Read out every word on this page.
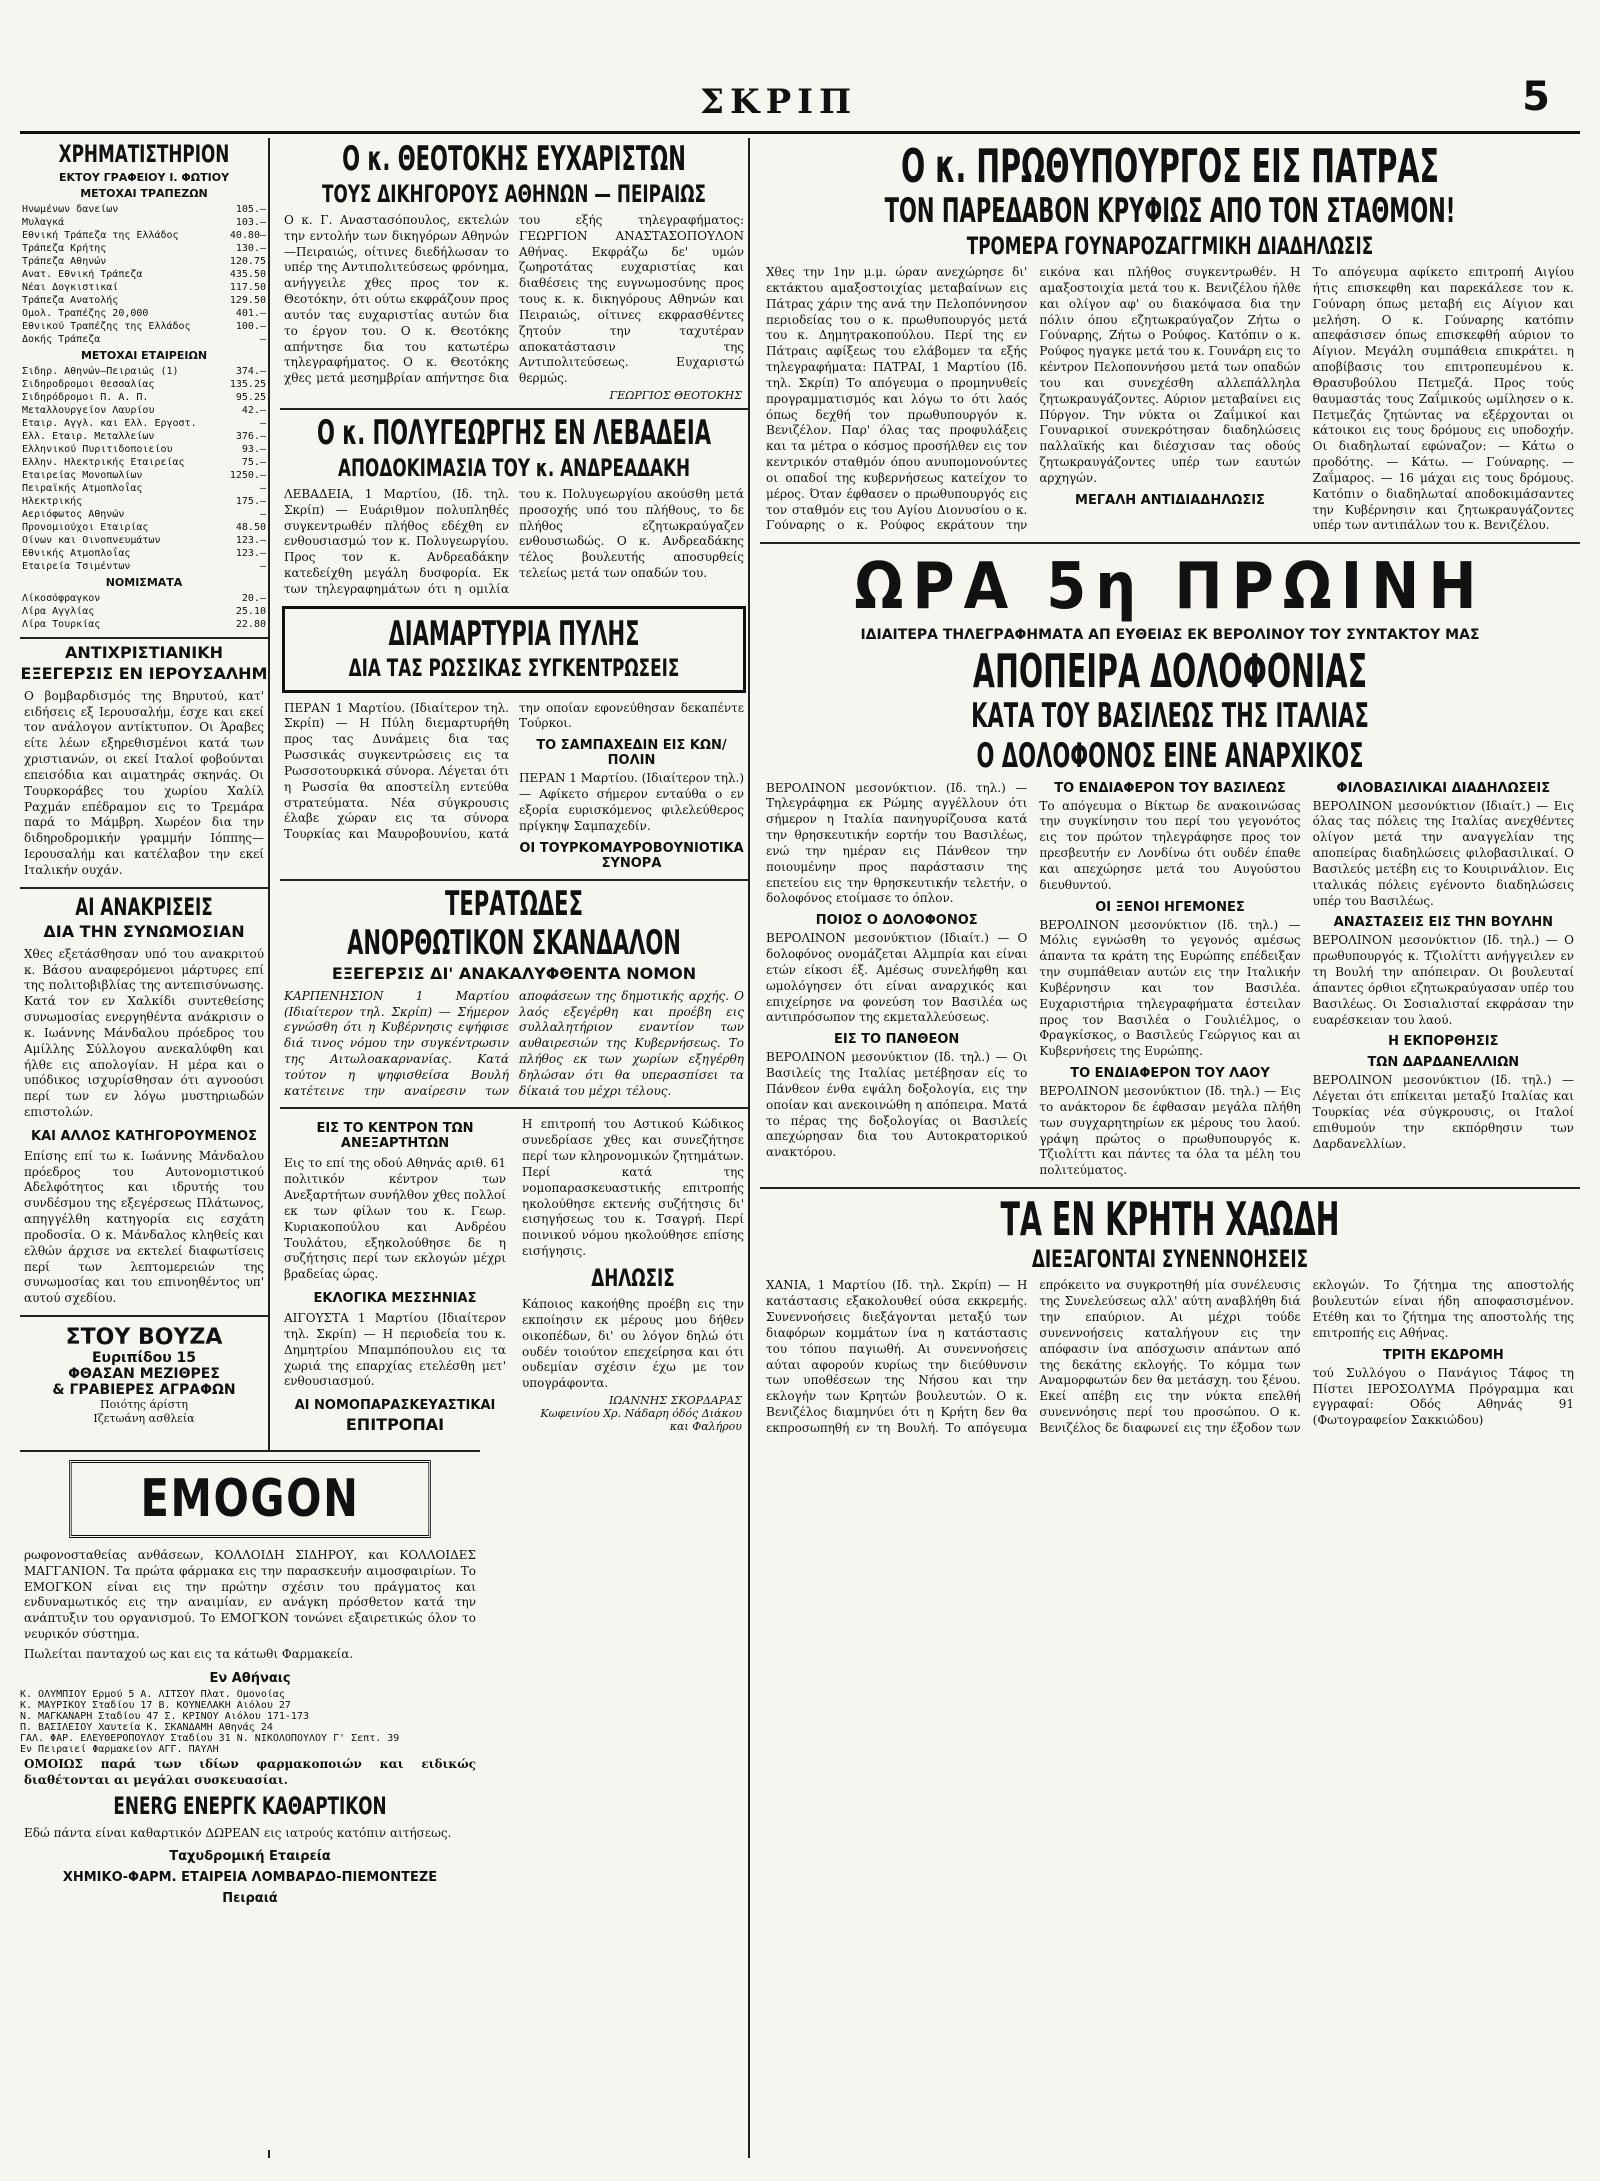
ΣΚΡΙΠ	5
ΧΡΗΜΑΤΙΣΤΗΡΙΟΝ
ΕΚΤΟΥ ΓΡΑΦΕΙΟΥ Ι. ΦΩΤΙΟΥ
ΜΕΤΟΧΑΙ ΤΡΑΠΕΖΩΝ
Ηνωμένων δανείων	105.—
Μυλαγκά	103.—
Εθνική Τράπεζα της Ελλάδος	40.80—
Τράπεζα Κρήτης	130.—
Τράπεζα Αθηνών	120.75
Ανατ. Εθνική Τράπεζα	435.50
Νέαι Δογκιστικαί	117.50
Τράπεζα Ανατολής	129.50
Ομολ. Τραπέζης 20,000	401.—
Εθνικού Τραπέζης της Ελλάδος	100.—
Δοκής Τράπεζα	—
ΜΕΤΟΧΑΙ ΕΤΑΙΡΕΙΩΝ
Σιδηρ. Αθηνών—Πειραιώς (1)	374.—
Σιδηροδρομοι Θεσσαλίας	135.25
Σιδηρόδρομοι Π. Α. Π.	95.25
Μεταλλουργείον Λαυρίου	42.—
Εταιρ. Αγγλ. και Ελλ. Εργοστ.	—
Ελλ. Εταιρ. Μεταλλείων	376.—
Ελληνικού Πυριτιδοποιείου	93.—
Ελλην. Ηλεκτρικής Εταιρείας	75.—
Εταιρείας Μονοπωλίων	1250.—
Πειραϊκής Ατμοπλοΐας	—
Ηλεκτρικής	175.—
Αεριόφωτος Αθηνών	—
Προνομιούχοι Εταιρίας	48.50
Οίνων και Οινοπνευμάτων	123.—
Εθνικής Ατμοπλοΐας	123.—
Εταιρεία Τσιμέντων	—
ΝΟΜΙΣΜΑΤΑ
Λίκοσόφραγκον	20.—
Λίρα Αγγλίας	25.10
Λίρα Τουρκίας	22.80
ΑΝΤΙΧΡΙΣΤΙΑΝΙΚΗ
ΕΞΕΓΕΡΣΙΣ ΕΝ ΙΕΡΟΥΣΑΛΗΜ
Ο βομβαρδισμός της Βηρυτού, κατ' ειδήσεις εξ Ιερουσαλήμ, έσχε και εκεί τον ανάλογον αντίκτυπον. Οι Άραβες είτε λέων εξηρεθισμένοι κατά των χριστιανών, οι εκεί Ιταλοί φοβούνται επεισόδια και αιματηράς σκηνάς. Οι Τουρκοράβες του χωρίου Χαλίλ Ραχμάν επέδραμον εις το Τρεμάρα παρά το Μάμβρη. Χωρέον δια την διδηροδρομικήν γραμμήν Ιόππης—Ιερουσαλήμ και κατέλαβον την εκεί Ιταλικήν ουχάν.
ΑΙ ΑΝΑΚΡΙΣΕΙΣ
ΔΙΑ ΤΗΝ ΣΥΝΩΜΟΣΙΑΝ
Χθες εξετάσθησαν υπό του ανακριτού κ. Βάσου αναφερόμενοι μάρτυρες επί της πολιτοβιβλίας της αντεπισύνωσης. Κατά τον εν Χαλκίδι συντεθείσης συνωμοσίας ενεργηθέντα ανάκρισιν ο κ. Ιωάννης Μάνδαλου πρόεδρος του Αμίλλης Σύλλογου ανεκαλύφθη και ήλθε εις απολογίαν. Η μέρα και ο υπόδικος ισχυρίσθησαν ότι αγνοούσι περί των εν λόγω μυστηριωδών επιστολών.
ΚΑΙ ΑΛΛΟΣ ΚΑΤΗΓΟΡΟΥΜΕΝΟΣ
Επίσης επί τω κ. Ιωάννης Μάνδαλου πρόεδρος του Αυτονομιστικού Αδελφότητος και ιδρυτής του συνδέσμου της εξεγέρσεως Πλάτωνος, απηγγέλθη κατηγορία εις εσχάτη προδοσία. Ο κ. Μάνδαλος κληθείς και ελθών άρχισε να εκτελεί διαφωτίσεις περί των λεπτομερειών της συνωμοσίας και του επινοηθέντος υπ' αυτού σχεδίου.
ΣΤΟΥ ΒΟΥΖΑ
Ευριπίδου 15
ΦΘΑΣΑΝ ΜΕΖΙΘΡΕΣ
& ΓΡΑΒΙΕΡΕΣ ΑΓΡΑΦΩΝ
Ποιότης άρίστη
Ιζετωάνη ασθλεία
Ο κ. ΘΕΟΤΟΚΗΣ ΕΥΧΑΡΙΣΤΩΝ
ΤΟΥΣ ΔΙΚΗΓΟΡΟΥΣ ΑΘΗΝΩΝ — ΠΕΙΡΑΙΩΣ
Ο κ. Γ. Αναστασόπουλος, εκτελών την εντολήν των δικηγόρων Αθηνών—Πειραιώς, οίτινες διεδήλωσαν το υπέρ της Αντιπολιτεύσεως φρόνημα, ανήγγειλε χθες προς τον κ. Θεοτόκην, ότι ούτω εκφράζουν προς αυτόν τας ευχαριστίας αυτών δια το έργον του. Ο κ. Θεοτόκης απήντησε δια του κατωτέρω τηλεγραφήματος. Ο κ. Θεοτόκης χθες μετά μεσημβρίαν απήντησε δια του εξής τηλεγραφήματος: ΓΕΩΡΓΙΟΝ ΑΝΑΣΤΑΣΟΠΟΥΛΟΝ Αθήνας. Εκφράζω δε' υμών ζωηροτάτας ευχαριστίας και διαθέσεις της ευγνωμοσύνης προς τους κ. κ. δικηγόρους Αθηνών και Πειραιώς, οίτινες εκφρασθέντες ζητούν την ταχυτέραν αποκατάστασιν της Αντιπολιτεύσεως. Ευχαριστώ θερμώς.
ΓΕΩΡΓΙΟΣ ΘΕΟΤΟΚΗΣ
Ο κ. ΠΟΛΥΓΕΩΡΓΗΣ ΕΝ ΛΕΒΑΔΕΙΑ
ΑΠΟΔΟΚΙΜΑΣΙΑ ΤΟΥ κ. ΑΝΔΡΕΑΔΑΚΗ
ΛΕΒΑΔΕΙΑ, 1 Μαρτίου, (Ιδ. τηλ. Σκρίπ) — Ευάριθμον πολυπληθές συγκεντρωθέν πλήθος εδέχθη εν ενθουσιασμώ τον κ. Πολυγεωργίου. Προς τον κ. Ανδρεαδάκην κατεδείχθη μεγάλη δυσφορία. Εκ των τηλεγραφημάτων ότι η ομιλία του κ. Πολυγεωργίου ακούσθη μετά προσοχής υπό του πλήθους, το δε πλήθος εζητωκραύγαζεν ενθουσιωδώς. Ο κ. Ανδρεαδάκης τέλος βουλευτής αποσυρθείς τελείως μετά των οπαδών του.
ΔΙΑΜΑΡΤΥΡΙΑ ΠΥΛΗΣ
ΔΙΑ ΤΑΣ ΡΩΣΣΙΚΑΣ ΣΥΓΚΕΝΤΡΩΣΕΙΣ
ΠΕΡΑΝ 1 Μαρτίου. (Ιδιαίτερον τηλ. Σκρίπ) — Η Πύλη διεμαρτυρήθη προς τας Δυνάμεις δια τας Ρωσσικάς συγκεντρώσεις εις τα Ρωσσοτουρκικά σύνορα. Λέγεται ότι η Ρωσσία θα αποστείλη εντεύθα στρατεύματα. Νέα σύγκρουσις έλαβε χώραν εις τα σύνορα Τουρκίας και Μαυροβουνίου, κατά την οποίαν εφονεύθησαν δεκαπέντε Τούρκοι.
ΤΟ ΣΑΜΠΑΧΕΔΙΝ ΕΙΣ ΚΩΝ/ΠΟΛΙΝ
ΠΕΡΑΝ 1 Μαρτίου. (Ιδιαίτερον τηλ.) — Αφίκετο σήμερον ενταύθα ο εν εξορία ευρισκόμενος φιλελεύθερος πρίγκηψ Σαμπαχεδίν.
ΟΙ ΤΟΥΡΚΟΜΑΥΡΟΒΟΥΝΙΟΤΙΚΑ ΣΥΝΟΡΑ
ΤΕΡΑΤΩΔΕΣ
ΑΝΟΡΘΩΤΙΚΟΝ ΣΚΑΝΔΑΛΟΝ
ΕΞΕΓΕΡΣΙΣ ΔΙ' ΑΝΑΚΑΛΥΦΘΕΝΤΑ ΝΟΜΟΝ
ΚΑΡΠΕΝΗΣΙΟΝ 1 Μαρτίου (Ιδιαίτερον τηλ. Σκρίπ) — Σήμερον εγνώσθη ότι η Κυβέρνησις εψήφισε διά τινος νόμου την συγκέντρωσιν της Αιτωλοακαρνανίας. Κατά τούτον η ψηφισθείσα Βουλή κατέτεινε την αναίρεσιν των αποφάσεων της δημοτικής αρχής. Ο λαός εξεγέρθη και προέβη εις συλλαλητήριον εναντίον των αυθαιρεσιών της Κυβερνήσεως. Το πλήθος εκ των χωρίων εξηγέρθη δηλώσαν ότι θα υπερασπίσει τα δίκαιά του μέχρι τέλους.
ΕΙΣ ΤΟ ΚΕΝΤΡΟΝ ΤΩΝ ΑΝΕΞΑΡΤΗΤΩΝ
Εις το επί της οδού Αθηνάς αριθ. 61 πολιτικόν κέντρον των Ανεξαρτήτων συνήλθον χθες πολλοί εκ των φίλων του κ. Γεωρ. Κυριακοπούλου και Ανδρέου Τουλάτου, εξηκολούθησε δε η συζήτησις περί των εκλογών μέχρι βραδείας ώρας.
ΕΚΛΟΓΙΚΑ ΜΕΣΣΗΝΙΑΣ
ΑΙΓΟΥΣΤΑ 1 Μαρτίου (Ιδιαίτερον τηλ. Σκρίπ) — Η περιοδεία του κ. Δημητρίου Μπαμπόπουλου εις τα χωριά της επαρχίας ετελέσθη μετ' ενθουσιασμού.
ΑΙ ΝΟΜΟΠΑΡΑΣΚΕΥΑΣΤΙΚΑΙ
ΕΠΙΤΡΟΠΑΙ
Η επιτροπή του Αστικού Κώδικος συνεδρίασε χθες και συνεζήτησε περί των κληρονομικών ζητημάτων. Περί κατά της νομοπαρασκευαστικής επιτροπής ηκολούθησε εκτενής συζήτησις δι' εισηγήσεως του κ. Τσαγρή. Περί ποινικού νόμου ηκολούθησε επίσης εισήγησις.
ΔΗΛΩΣΙΣ
Κάποιος κακοήθης προέβη εις την εκποίησιν εκ μέρους μου δήθεν οικοπέδων, δι' ου λόγον δηλώ ότι ουδέν τοιούτον επεχείρησα και ότι ουδεμίαν σχέσιν έχω με τον υπογράφοντα.
ΙΩΑΝΝΗΣ ΣΚΟΡΔΑΡΑΣ
Κωφεινίου Χρ. Νάδαρη όδός Διάκου και Φαλήρου
Ο κ. ΠΡΩΘΥΠΟΥΡΓΟΣ ΕΙΣ ΠΑΤΡΑΣ
ΤΟΝ ΠΑΡΕΔΑΒΟΝ ΚΡΥΦΙΩΣ ΑΠΟ ΤΟΝ ΣΤΑΘΜΟΝ!
ΤΡΟΜΕΡΑ ΓΟΥΝΑΡΟΖΑΓΓΜΙΚΗ ΔΙΑΔΗΛΩΣΙΣ
Χθες την 1ην μ.μ. ώραν ανεχώρησε δι' εκτάκτου αμαξοστοιχίας μεταβαίνων εις Πάτρας χάριν της ανά την Πελοπόννησον περιοδείας του ο κ. πρωθυπουργός μετά του κ. Δημητρακοπούλου. Περί της εν Πάτραις αφίξεως του ελάβομεν τα εξής τηλεγραφήματα: ΠΑΤΡΑΙ, 1 Μαρτίου (Ιδ. τηλ. Σκρίπ) Το απόγευμα ο προμηνυθείς προγραμματισμός και λόγω το ότι λαός όπως δεχθή τον πρωθυπουργόν κ. Βενιζέλον. Παρ' όλας τας προφυλάξεις και τα μέτρα ο κόσμος προσήλθεν εις τον κεντρικόν σταθμόν όπου ανυπομονούντες οι οπαδοί της κυβερνήσεως κατείχον το μέρος. Όταν έφθασεν ο πρωθυπουργός εις τον σταθμόν εις του Αγίου Διονυσίου ο κ. Γούναρης ο κ. Ρούφος εκράτουν την εικόνα και πλήθος συγκεντρωθέν. Η αμαξοστοιχία μετά του κ. Βενιζέλου ήλθε και ολίγον αφ' ου διακόψασα δια την πόλιν όπου εζητωκραύγαζον Ζήτω ο Γούναρης, Ζήτω ο Ρούφος. Κατόπιν ο κ. Ρούφος ηγαγκε μετά του κ. Γουνάρη εις το κέντρον Πελοποννήσου μετά των οπαδών του και συνεχέσθη αλλεπάλληλα ζητωκραυγάζοντες. Αύριον μεταβαίνει εις Πύργον. Την νύκτα οι Ζαΐμικοί και Γουναρικοί συνεκρότησαν διαδηλώσεις παλλαϊκής και διέσχισαν τας οδούς ζητωκραυγάζοντες υπέρ των εαυτών αρχηγών.
ΜΕΓΑΛΗ ΑΝΤΙΔΙΑΔΗΛΩΣΙΣ
Το απόγευμα αφίκετο επιτροπή Αιγίου ήτις επισκεφθη και παρεκάλεσε τον κ. Γούναρη όπως μεταβή εις Αίγιον και μελήση. Ο κ. Γούναρης κατόπιν απεφάσισεν όπως επισκεφθή αύριον το Αίγιον. Μεγάλη συμπάθεια επικράτει. η αποβίβασις του επιτροπευμένου κ. Θρασυβούλου Πετμεζά. Προς τούς θαυμαστάς τους Ζαΐμικούς ωμίλησεν ο κ. Πετμεζάς ζητώντας να εξέρχονται οι κάτοικοι εις τους δρόμους εις υποδοχήν. Οι διαδηλωταί εφώναζον: — Κάτω ο προδότης. — Κάτω. — Γούναρης. — Ζαΐμαρος. — 16 μάχαι εις τους δρόμους. Κατόπιν ο διαδηλωταί αποδοκιμάσαντες την Κυβέρνησιν και ζητωκραυγάζοντες υπέρ των αντιπάλων του κ. Βενιζέλου.
ΩΡΑ 5η ΠΡΩΙΝΗ
ΙΔΙΑΙΤΕΡΑ ΤΗΛΕΓΡΑΦΗΜΑΤΑ ΑΠ ΕΥΘΕΙΑΣ ΕΚ ΒΕΡΟΛΙΝΟΥ ΤΟΥ ΣΥΝΤΑΚΤΟΥ ΜΑΣ
ΑΠΟΠΕΙΡΑ ΔΟΛΟΦΟΝΙΑΣ
ΚΑΤΑ ΤΟΥ ΒΑΣΙΛΕΩΣ ΤΗΣ ΙΤΑΛΙΑΣ
Ο ΔΟΛΟΦΟΝΟΣ ΕΙΝΕ ΑΝΑΡΧΙΚΟΣ
ΒΕΡΟΛΙΝΟΝ μεσονύκτιον. (Ιδ. τηλ.) — Τηλεγράφημα εκ Ρώμης αγγέλλουν ότι σήμερον η Ιταλία πανηγυρίζουσα κατά την θρησκευτικήν εορτήν του Βασιλέως, ενώ την ημέραν εις Πάνθεον την ποιουμένην προς παράστασιν της επετείου εις την θρησκευτικήν τελετήν, ο δολοφόνος ετοίμασε το όπλον.
ΠΟΙΟΣ Ο ΔΟΛΟΦΟΝΟΣ
ΒΕΡΟΛΙΝΟΝ μεσονύκτιον (Ιδιαίτ.) — Ο δολοφόνος ονομάζεται Αλμπρία και είναι ετών είκοσι έξ. Αμέσως συνελήφθη και ωμολόγησεν ότι είναι αναρχικός και επιχείρησε να φονεύση τον Βασιλέα ως αντιπρόσωπον της εκμεταλλεύσεως.
ΕΙΣ ΤΟ ΠΑΝΘΕΟΝ
ΒΕΡΟΛΙΝΟΝ μεσονύκτιον (Ιδ. τηλ.) — Οι Βασιλείς της Ιταλίας μετέβησαν είς το Πάνθεον ένθα εψάλη δοξολογία, εις την οποίαν και ανεκοινώθη η απόπειρα. Ματά το πέρας της δοξολογίας οι Βασιλείς απεχώρησαν δια του Αυτοκρατορικού ανακτόρου.
ΤΟ ΕΝΔΙΑΦΕΡΟΝ ΤΟΥ ΒΑΣΙΛΕΩΣ
Το απόγευμα ο Βίκτωρ δε ανακοινώσας την συγκίνησιν του περί του γεγονότος εις τον πρώτον τηλεγράφησε προς τον πρεσβευτήν εν Λονδίνω ότι ουδέν έπαθε και απεχώρησε μετά του Αυγούστου διευθυντού.
ΟΙ ΞΕΝΟΙ ΗΓΕΜΟΝΕΣ
ΒΕΡΟΛΙΝΟΝ μεσονύκτιον (Ιδ. τηλ.) — Μόλις εγνώσθη το γεγονός αμέσως άπαντα τα κράτη της Ευρώπης επέδειξαν την συμπάθειαν αυτών εις την Ιταλικήν Κυβέρνησιν και τον Βασιλέα. Ευχαριστήρια τηλεγραφήματα έστειλαν προς τον Βασιλέα ο Γουλιέλμος, ο Φραγκίσκος, ο Βασιλεύς Γεώργιος και αι Κυβερνήσεις της Ευρώπης.
ΤΟ ΕΝΔΙΑΦΕΡΟΝ ΤΟΥ ΛΑΟΥ
ΒΕΡΟΛΙΝΟΝ μεσονύκτιον (Ιδ. τηλ.) — Εις το ανάκτορον δε έφθασαν μεγάλα πλήθη των συγχαρητηρίων εκ μέρους του λαού. γράψη πρώτος ο πρωθυπουργός κ. Τζιολίττι και πάντες τα όλα τα μέλη του πολιτεύματος.
ΦΙΛΟΒΑΣΙΛΙΚΑΙ ΔΙΑΔΗΛΩΣΕΙΣ
ΒΕΡΟΛΙΝΟΝ μεσονύκτιον (Ιδιαίτ.) — Εις όλας τας πόλεις της Ιταλίας ανεχθέντες ολίγον μετά την αναγγελίαν της αποπείρας διαδηλώσεις φιλοβασιλικαί. Ο Βασιλεύς μετέβη εις το Κουιρινάλιον. Εις ιταλικάς πόλεις εγένοντο διαδηλώσεις υπέρ του Βασιλέως.
ΑΝΑΣΤΑΣΕΙΣ ΕΙΣ ΤΗΝ ΒΟΥΛΗΝ
ΒΕΡΟΛΙΝΟΝ μεσονύκτιον (Ιδ. τηλ.) — Ο πρωθυπουργός κ. Τζιολίττι ανήγγειλεν εν τη Βουλή την απόπειραν. Οι βουλευταί άπαντες όρθιοι εζητωκραύγασαν υπέρ του Βασιλέως. Οι Σοσιαλισταί εκφράσαν την ευαρέσκειαν του λαού.
Η ΕΚΠΟΡΘΗΣΙΣ
ΤΩΝ ΔΑΡΔΑΝΕΛΛΙΩΝ
ΒΕΡΟΛΙΝΟΝ μεσονύκτιον (Ιδ. τηλ.) — Λέγεται ότι επίκειται μεταξύ Ιταλίας και Τουρκίας νέα σύγκρουσις, οι Ιταλοί επιθυμούν την εκπόρθησιν των Δαρδανελλίων.
ΤΑ ΕΝ ΚΡΗΤΗ ΧΑΩΔΗ
ΔΙΕΞΑΓΟΝΤΑΙ ΣΥΝΕΝΝΟΗΣΕΙΣ
ΧΑΝΙΑ, 1 Μαρτίου (Ιδ. τηλ. Σκρίπ) — Η κατάστασις εξακολουθεί ούσα εκκρεμής. Συνεννοήσεις διεξάγονται μεταξύ των διαφόρων κομμάτων ίνα η κατάστασις του τόπου παγιωθή. Αι συνεννοήσεις αύται αφορούν κυρίως την διεύθυνσιν των υποθέσεων της Νήσου και την εκλογήν των Κρητών βουλευτών. Ο κ. Βενιζέλος διαμηνύει ότι η Κρήτη δεν θα εκπροσωπηθή εν τη Βουλή. Το απόγευμα επρόκειτο να συγκροτηθή μία συνέλευσις της Συνελεύσεως αλλ' αύτη αναβλήθη διά την επαύριον. Αι μέχρι τούδε συνεννοήσεις καταλήγουν εις την απόφασιν ίνα απόσχωσιν απάντων από της δεκάτης εκλογής. Το κόμμα των Αναμορφωτών δεν θα μετάσχη. του ξένου. Εκεί απέβη εις την νύκτα επελθή συνεννόησις περί του προσώπου. Ο κ. Βενιζέλος δε διαφωνεί εις την έξοδον των εκλογών. Το ζήτημα της αποστολής βουλευτών είναι ήδη αποφασισμένον. Ετέθη και το ζήτημα της αποστολής της επιτροπής εις Αθήνας.
ΤΡΙΤΗ ΕΚΔΡΟΜΗ
τού Συλλόγου ο Πανάγιος Τάφος τη Πίστει ΙΕΡΟΣΟΛΥΜΑ Πρόγραμμα και εγγραφαί: Οδός Αθηνάς 91 (Φωτογραφείον Σακκιώδου)
EMOGON
ρωφονοσταθείας ανθάσεων, ΚΟΛΛΟΙΔΗ ΣΙΔΗΡΟΥ, και ΚΟΛΛΟΙΔΕΣ ΜΑΓΓΑΝΙΟΝ. Τα πρώτα φάρμακα εις την παρασκευήν αιμοσφαιρίων. Το ΕΜΟΓΚΟΝ είναι εις την πρώτην σχέσιν του πράγματος και ενδυναμωτικός εις την αναιμίαν, εν ανάγκη πρόσθετον κατά την ανάπτυξιν του οργανισμού. Το ΕΜΟΓΚΟΝ τονώνει εξαιρετικώς όλον το νευρικόν σύστημα.
Πωλείται πανταχού ως και εις τα κάτωθι Φαρμακεία.
Εν Αθήναις
Κ. ΟΛΥΜΠΙΟΥ Ερμού 5 Α. ΛΙΤΣΟΥ Πλατ. Ομονοίας
Κ. ΜΑΥΡΙΚΟΥ Σταδίου 17 Β. ΚΟΥΝΕΛΑΚΗ Αιόλου 27
Ν. ΜΑΓΚΑΝΑΡΗ Σταδίου 47 Σ. ΚΡΙΝΟΥ Αιόλου 171-173
Π. ΒΑΣΙΛΕΙΟΥ Χαυτεία Κ. ΣΚΑΝΔΑΜΗ Αθηνάς 24
ΓΑΛ. ΦΑΡ. ΕΛΕΥΘΕΡΟΠΟΥΛΟΥ Σταδίου 31 Ν. ΝΙΚΟΛΟΠΟΥΛΟΥ Γ' Σεπτ. 39
Εν Πειραιεί Φαρμακείον ΑΓΓ. ΠΑΥΛΗ
ΟΜΟΙΩΣ παρά των ιδίων φαρμακοποιών και ειδικώς διαθέτονται αι μεγάλαι συσκευασίαι.
ENERG ΕΝΕΡΓΚ ΚΑΘΑΡΤΙΚΟΝ
Εδώ πάντα είναι καθαρτικόν ΔΩΡΕΑΝ εις ιατρούς κατόπιν αιτήσεως.
Ταχυδρομική Εταιρεία
ΧΗΜΙΚΟ-ΦΑΡΜ. ΕΤΑΙΡΕΙΑ ΛΟΜΒΑΡΔΟ-ΠΙΕΜΟΝΤΕΖΕ
Πειραιά
